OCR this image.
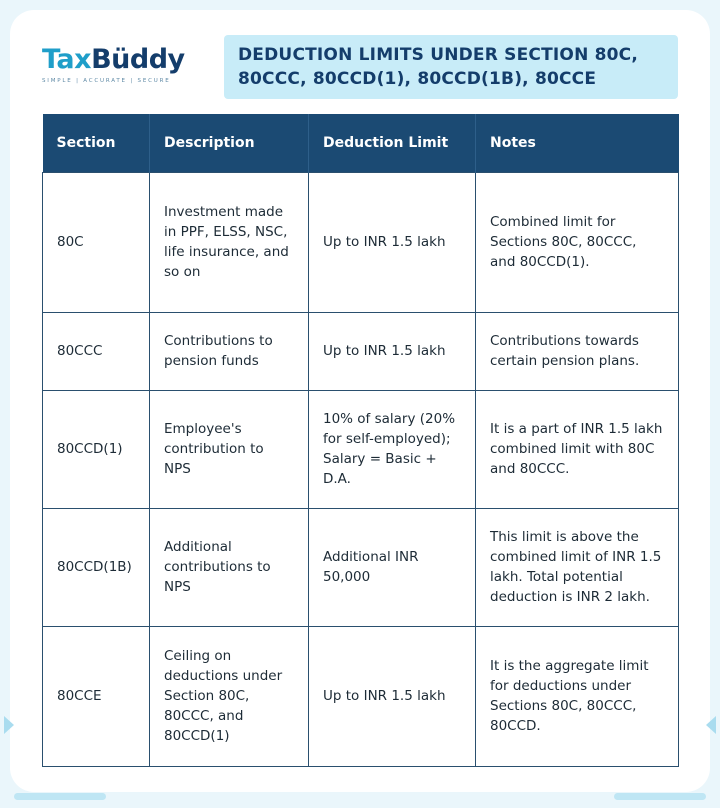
TaxBüddy
SIMPLE | ACCURATE | SECURE
DEDUCTION LIMITS UNDER SECTION 80C,
80CCC, 80CCD(1), 80CCD(1B), 80CCE
Section	Description	Deduction Limit	Notes
80C	Investment made in PPF, ELSS, NSC, life insurance, and so on	Up to INR 1.5 lakh	Combined limit for Sections 80C, 80CCC, and 80CCD(1).
80CCC	Contributions to pension funds	Up to INR 1.5 lakh	Contributions towards certain pension plans.
80CCD(1)	Employee's contribution to NPS	10% of salary (20% for self-employed); Salary = Basic + D.A.	It is a part of INR 1.5 lakh combined limit with 80C and 80CCC.
80CCD(1B)	Additional contributions to NPS	Additional INR 50,000	This limit is above the combined limit of INR 1.5 lakh. Total potential deduction is INR 2 lakh.
80CCE	Ceiling on deductions under Section 80C, 80CCC, and 80CCD(1)	Up to INR 1.5 lakh	It is the aggregate limit for deductions under Sections 80C, 80CCC, 80CCD.
